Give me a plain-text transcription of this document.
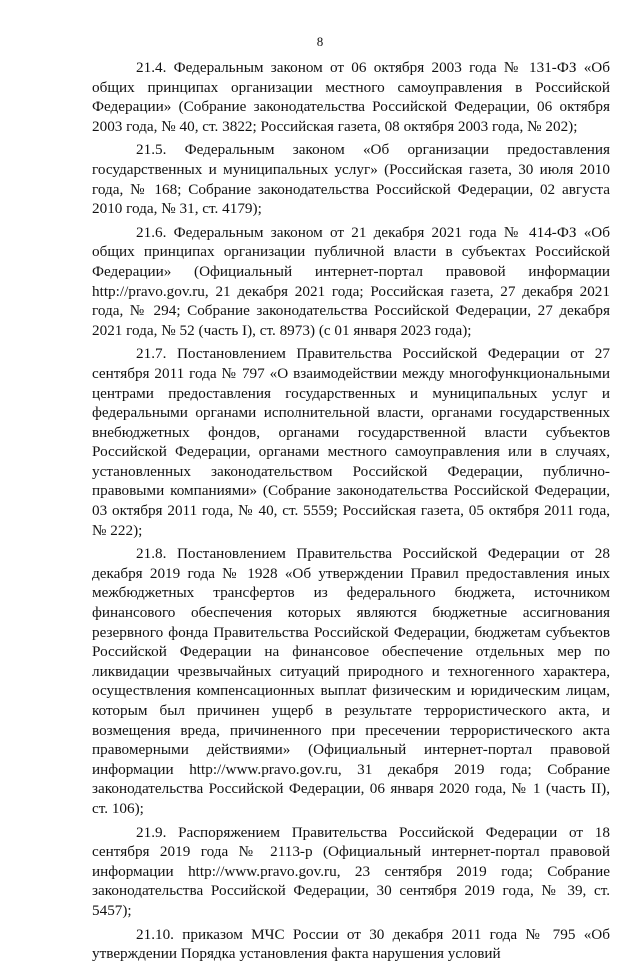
8

21.4. Федеральным законом от 06 октября 2003 года № 131-ФЗ «Об общих принципах организации местного самоуправления в Российской Федерации» (Собрание законодательства Российской Федерации, 06 октября 2003 года, № 40, ст. 3822; Российская газета, 08 октября 2003 года, № 202);

21.5. Федеральным законом «Об организации предоставления государственных и муниципальных услуг» (Российская газета, 30 июля 2010 года, № 168; Собрание законодательства Российской Федерации, 02 августа 2010 года, № 31, ст. 4179);

21.6. Федеральным законом от 21 декабря 2021 года № 414-ФЗ «Об общих принципах организации публичной власти в субъектах Российской Федерации» (Официальный интернет-портал правовой информации http://pravo.gov.ru, 21 декабря 2021 года; Российская газета, 27 декабря 2021 года, № 294; Собрание законодательства Российской Федерации, 27 декабря 2021 года, № 52 (часть I), ст. 8973) (с 01 января 2023 года);

21.7. Постановлением Правительства Российской Федерации от 27 сентября 2011 года № 797 «О взаимодействии между многофункциональными центрами предоставления государственных и муниципальных услуг и федеральными органами исполнительной власти, органами государственных внебюджетных фондов, органами государственной власти субъектов Российской Федерации, органами местного самоуправления или в случаях, установленных законодательством Российской Федерации, публично-правовыми компаниями» (Собрание законодательства Российской Федерации, 03 октября 2011 года, № 40, ст. 5559; Российская газета, 05 октября 2011 года, № 222);

21.8. Постановлением Правительства Российской Федерации от 28 декабря 2019 года № 1928 «Об утверждении Правил предоставления иных межбюджетных трансфертов из федерального бюджета, источником финансового обеспечения которых являются бюджетные ассигнования резервного фонда Правительства Российской Федерации, бюджетам субъектов Российской Федерации на финансовое обеспечение отдельных мер по ликвидации чрезвычайных ситуаций природного и техногенного характера, осуществления компенсационных выплат физическим и юридическим лицам, которым был причинен ущерб в результате террористического акта, и возмещения вреда, причиненного при пресечении террористического акта правомерными действиями» (Официальный интернет-портал правовой информации http://www.pravo.gov.ru, 31 декабря 2019 года; Собрание законодательства Российской Федерации, 06 января 2020 года, № 1 (часть II), ст. 106);

21.9. Распоряжением Правительства Российской Федерации от 18 сентября 2019 года № 2113-р (Официальный интернет-портал правовой информации http://www.pravo.gov.ru, 23 сентября 2019 года; Собрание законодательства Российской Федерации, 30 сентября 2019 года, № 39, ст. 5457);

21.10. приказом МЧС России от 30 декабря 2011 года № 795 «Об утверждении Порядка установления факта нарушения условий
